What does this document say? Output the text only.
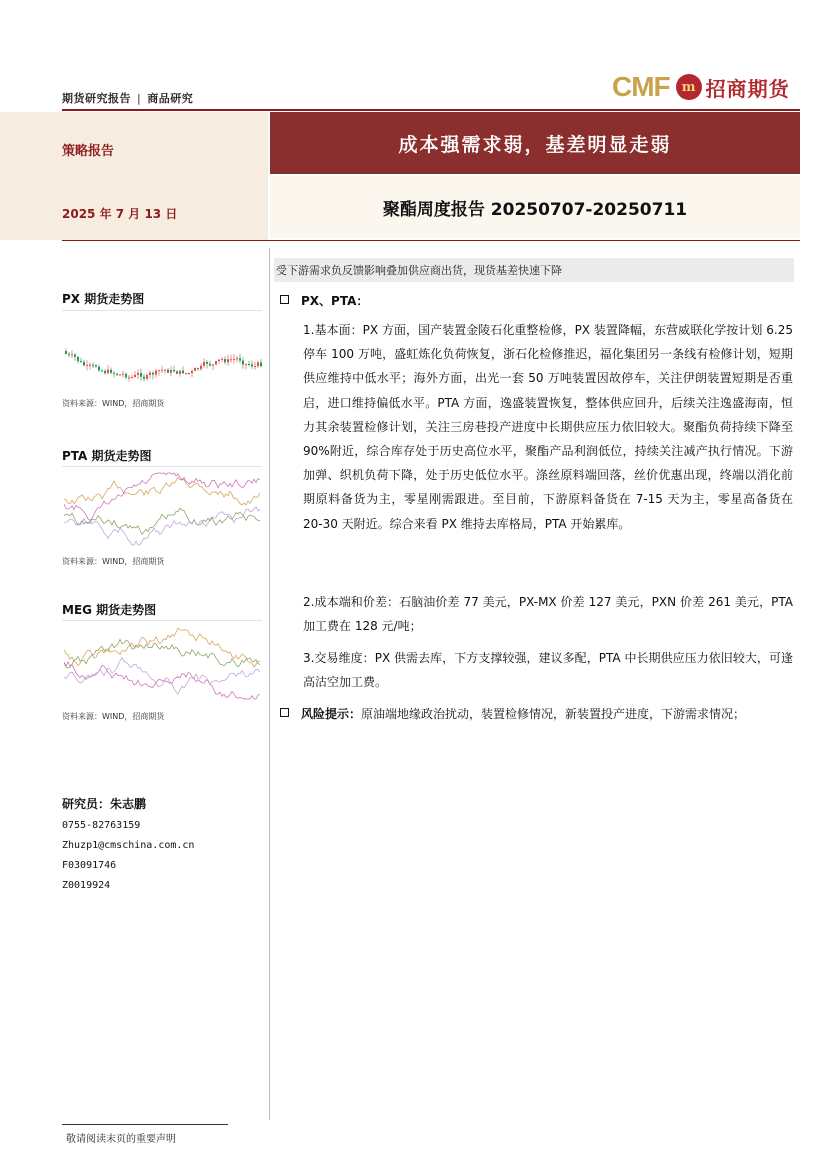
期货研究报告 | 商品研究	CMF m 招商期货
策略报告
2025 年 7 月 13 日
成本强需求弱，基差明显走弱
聚酯周度报告 20250707-20250711
受下游需求负反馈影响叠加供应商出货，现货基差快速下降
PX 期货走势图
资料来源：WIND，招商期货
PTA 期货走势图
资料来源：WIND，招商期货
MEG 期货走势图
资料来源：WIND，招商期货
研究员：朱志鹏
0755-82763159
Zhuzp1@cmschina.com.cn
F03091746
Z0019924
PX、PTA：
1.基本面：PX 方面，国产装置金陵石化重整检修，PX 装置降幅，东营威联化学按计划 6.25 停车 100 万吨，盛虹炼化负荷恢复，浙石化检修推迟，福化集团另一条线有检修计划，短期供应维持中低水平；海外方面，出光一套 50 万吨装置因故停车，关注伊朗装置短期是否重启，进口维持偏低水平。PTA 方面，逸盛装置恢复，整体供应回升，后续关注逸盛海南，恒力其余装置检修计划，关注三房巷投产进度中长期供应压力依旧较大。聚酯负荷持续下降至 90%附近，综合库存处于历史高位水平，聚酯产品利润低位，持续关注减产执行情况。下游加弹、织机负荷下降，处于历史低位水平。涤丝原料端回落，丝价优惠出现，终端以消化前期原料备货为主，零星刚需跟进。至目前，下游原料备货在 7-15 天为主，零星高备货在 20-30 天附近。综合来看 PX 维持去库格局，PTA 开始累库。
2.成本端和价差：石脑油价差 77 美元，PX-MX 价差 127 美元，PXN 价差 261 美元，PTA 加工费在 128 元/吨；
3.交易维度：PX 供需去库，下方支撑较强，建议多配，PTA 中长期供应压力依旧较大，可逢高沽空加工费。
风险提示：原油端地缘政治扰动，装置检修情况，新装置投产进度，下游需求情况；
敬请阅读末页的重要声明
